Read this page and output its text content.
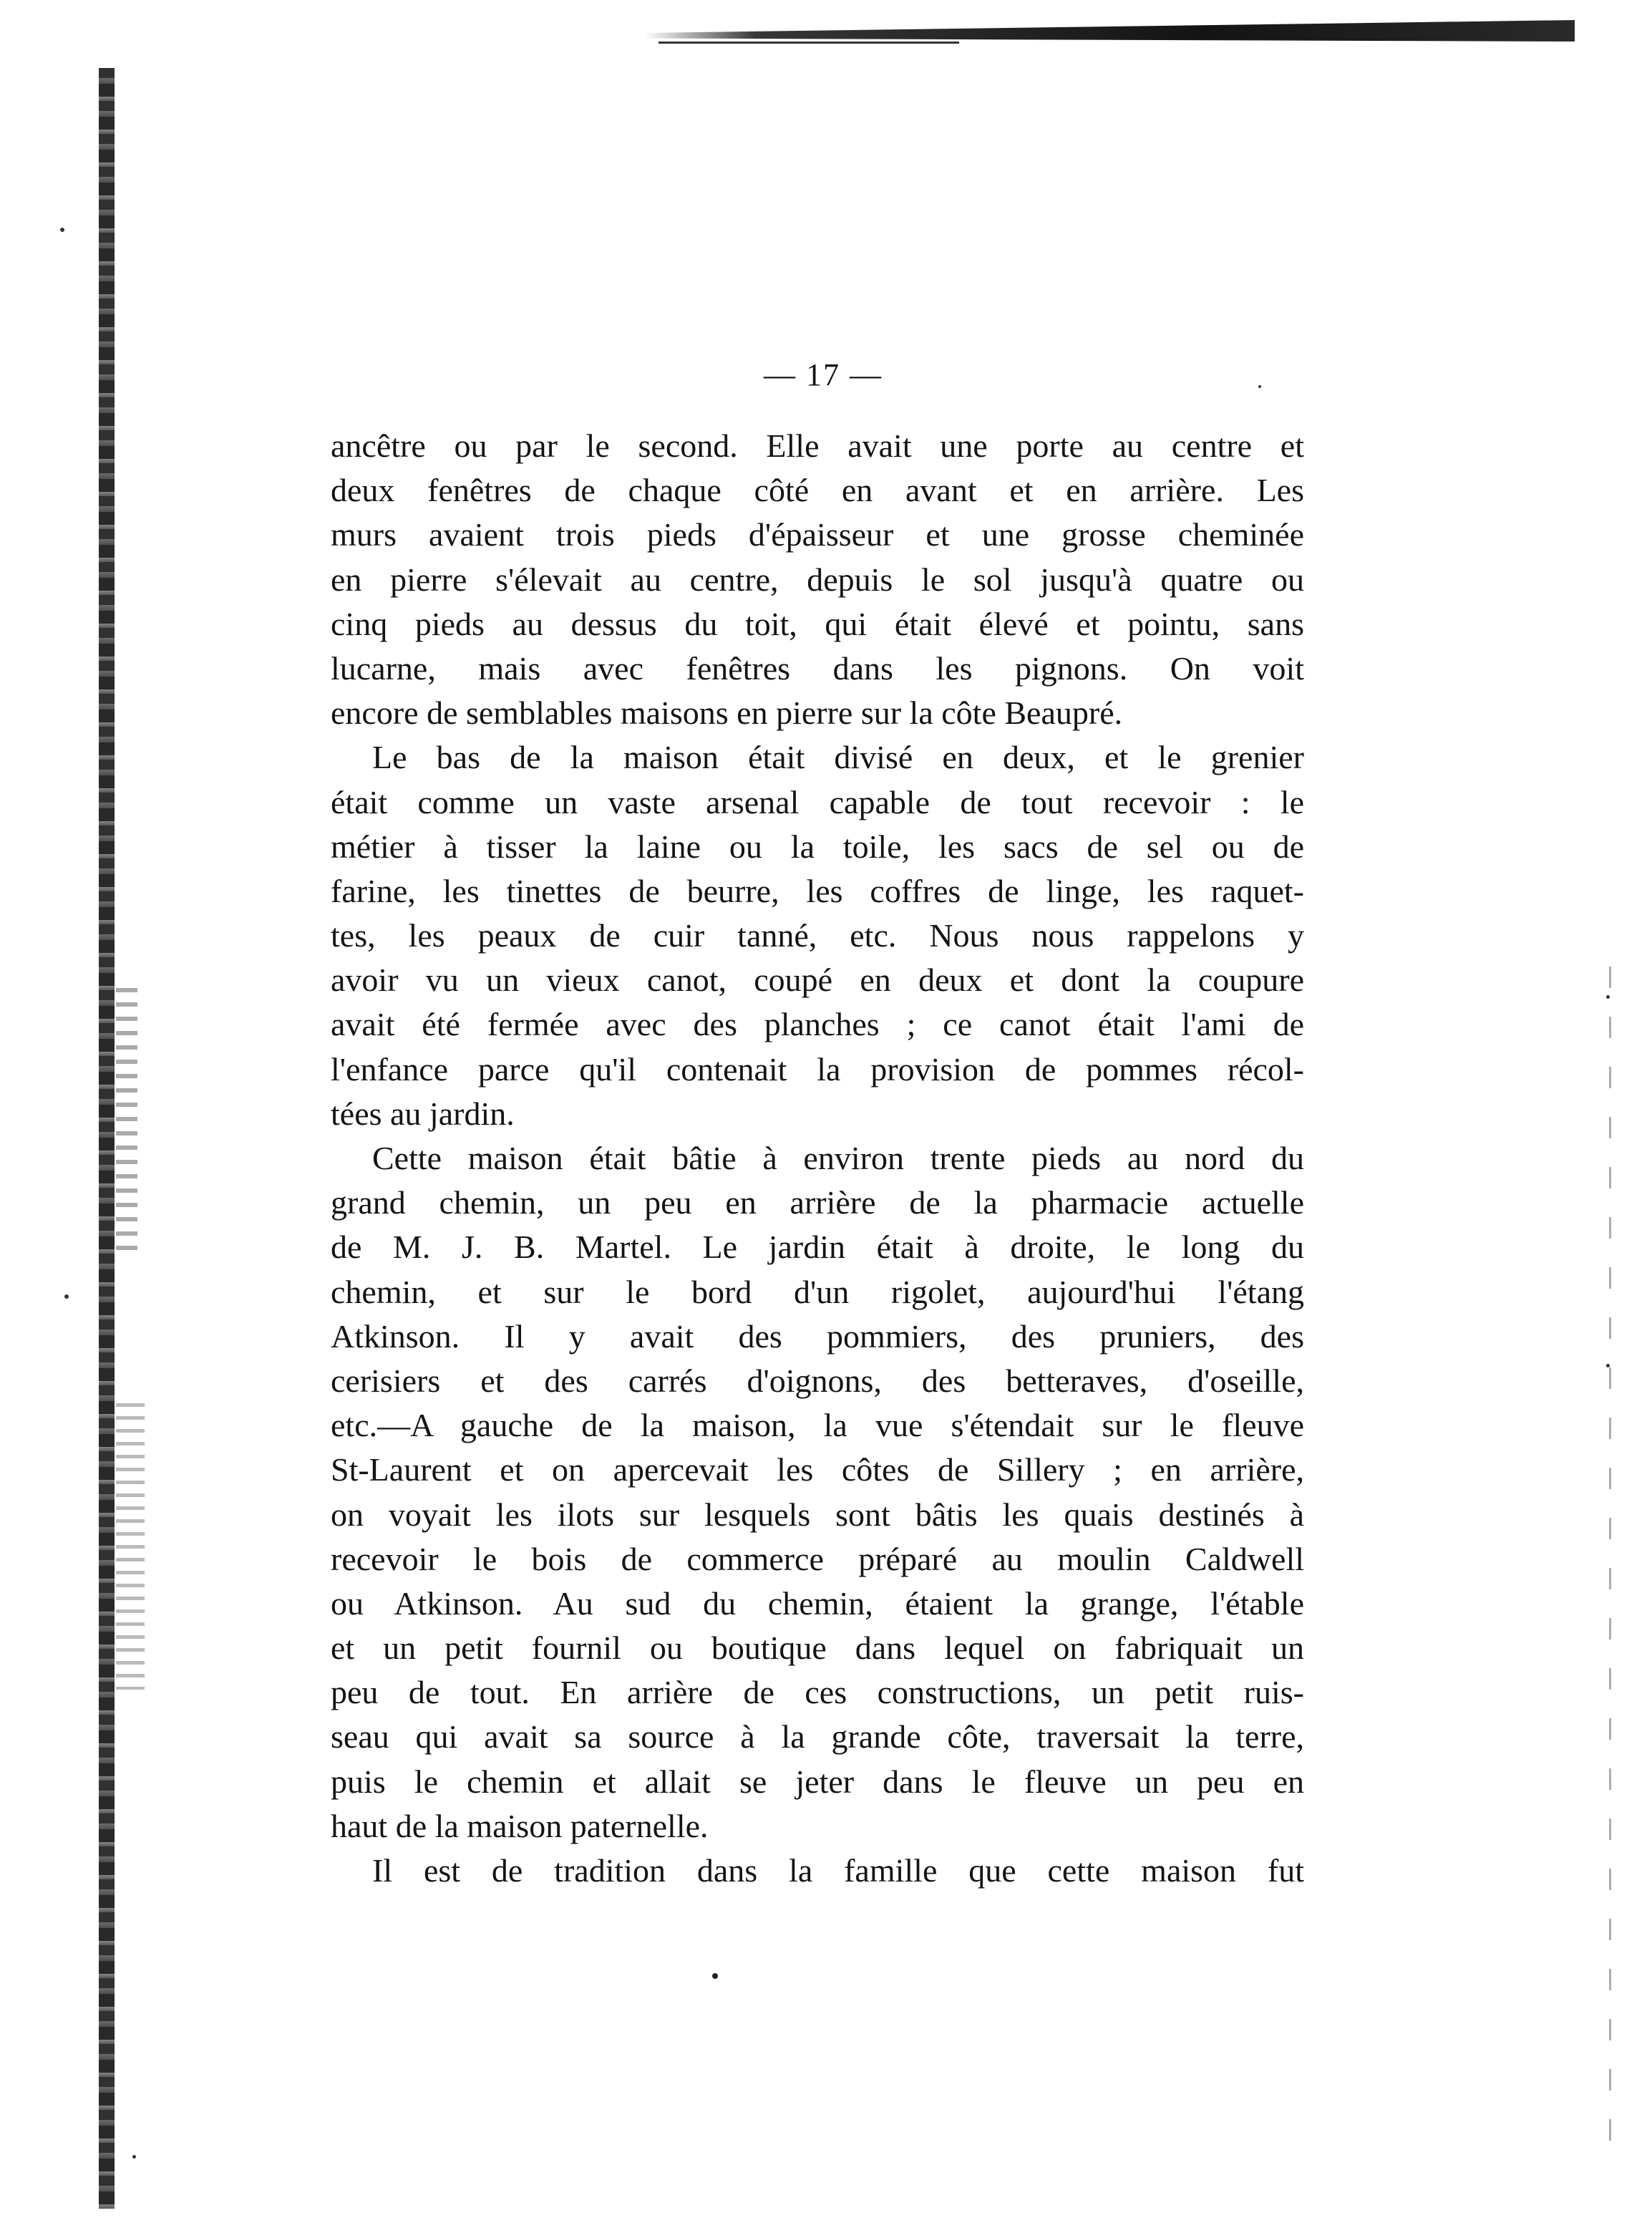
— 17 —
ancêtre ou par le second. Elle avait une porte au centre et
deux fenêtres de chaque côté en avant et en arrière. Les
murs avaient trois pieds d'épaisseur et une grosse cheminée
en pierre s'élevait au centre, depuis le sol jusqu'à quatre ou
cinq pieds au dessus du toit, qui était élevé et pointu, sans
lucarne, mais avec fenêtres dans les pignons. On voit
encore de semblables maisons en pierre sur la côte Beaupré.
Le bas de la maison était divisé en deux, et le grenier
était comme un vaste arsenal capable de tout recevoir : le
métier à tisser la laine ou la toile, les sacs de sel ou de
farine, les tinettes de beurre, les coffres de linge, les raquet-
tes, les peaux de cuir tanné, etc. Nous nous rappelons y
avoir vu un vieux canot, coupé en deux et dont la coupure
avait été fermée avec des planches ; ce canot était l'ami de
l'enfance parce qu'il contenait la provision de pommes récol-
tées au jardin.
Cette maison était bâtie à environ trente pieds au nord du
grand chemin, un peu en arrière de la pharmacie actuelle
de M. J. B. Martel. Le jardin était à droite, le long du
chemin, et sur le bord d'un rigolet, aujourd'hui l'étang
Atkinson. Il y avait des pommiers, des pruniers, des
cerisiers et des carrés d'oignons, des betteraves, d'oseille,
etc.—A gauche de la maison, la vue s'étendait sur le fleuve
St-Laurent et on apercevait les côtes de Sillery ; en arrière,
on voyait les ilots sur lesquels sont bâtis les quais destinés à
recevoir le bois de commerce préparé au moulin Caldwell
ou Atkinson. Au sud du chemin, étaient la grange, l'étable
et un petit fournil ou boutique dans lequel on fabriquait un
peu de tout. En arrière de ces constructions, un petit ruis-
seau qui avait sa source à la grande côte, traversait la terre,
puis le chemin et allait se jeter dans le fleuve un peu en
haut de la maison paternelle.
Il est de tradition dans la famille que cette maison fut
